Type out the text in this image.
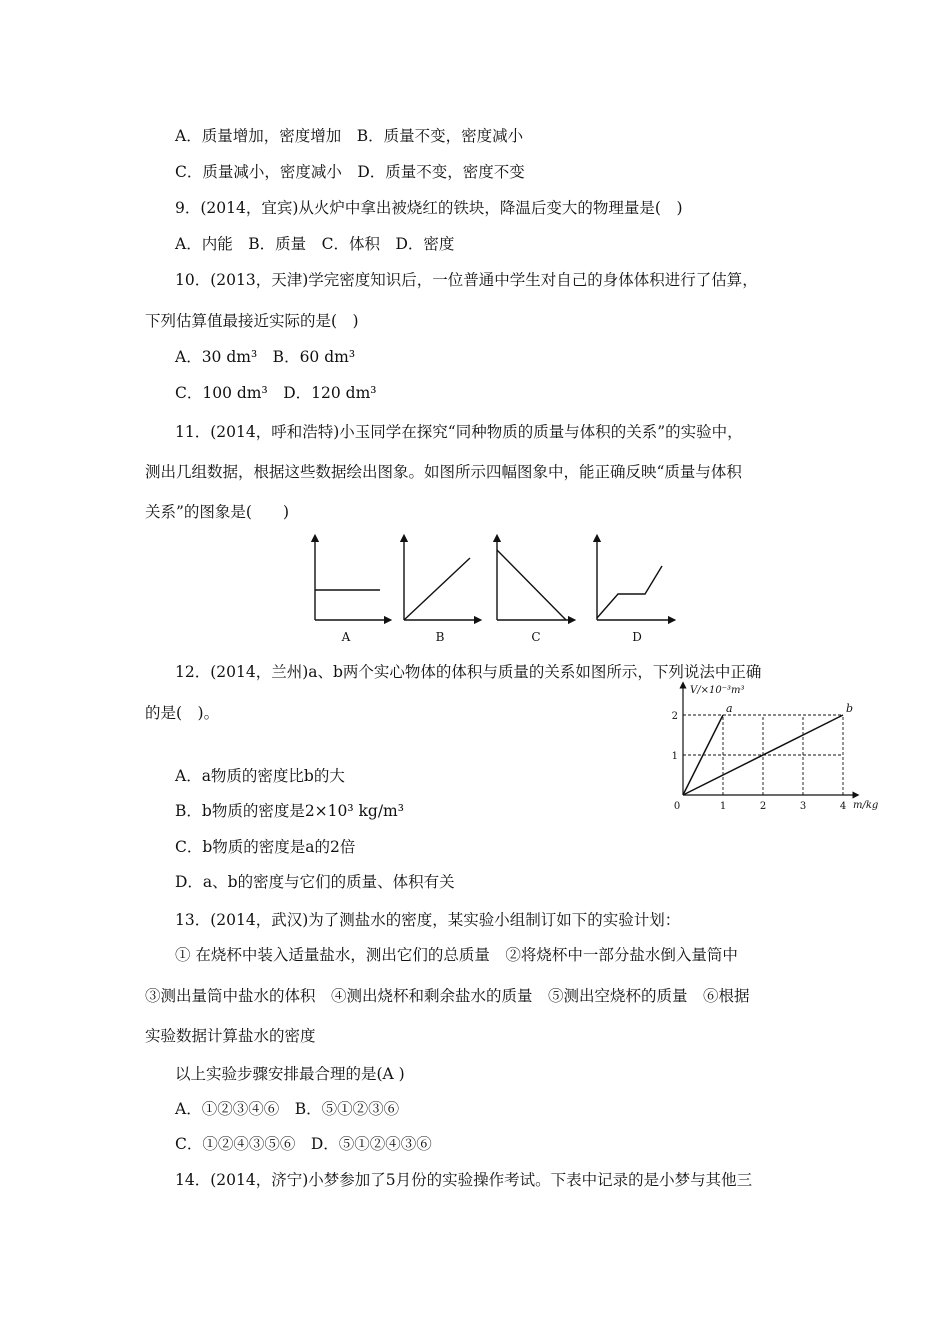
A．质量增加，密度增加　B．质量不变，密度减小
C．质量减小，密度减小　D．质量不变，密度不变
9．(2014，宜宾)从火炉中拿出被烧红的铁块，降温后变大的物理量是(　)
A．内能　B．质量　C．体积　D．密度
10．(2013，天津)学完密度知识后，一位普通中学生对自己的身体体积进行了估算，
下列估算值最接近实际的是(　)
A．30 dm³　B．60 dm³
C．100 dm³　D．120 dm³
11．(2014，呼和浩特)小玉同学在探究“同种物质的质量与体积的关系”的实验中，
测出几组数据，根据这些数据绘出图象。如图所示四幅图象中，能正确反映“质量与体积
关系”的图象是(　　)
A	B	C	D
12．(2014，兰州)a、b两个实心物体的体积与质量的关系如图所示，下列说法中正确
的是(　)。	a	b
0	1	2	3	4
1
2
V/×10⁻³m³
m/kg
A．a物质的密度比b的大
B．b物质的密度是2×10³ kg/m³
C．b物质的密度是a的2倍
D．a、b的密度与它们的质量、体积有关
13．(2014，武汉)为了测盐水的密度，某实验小组制订如下的实验计划：
① 在烧杯中装入适量盐水，测出它们的总质量　②将烧杯中一部分盐水倒入量筒中
③测出量筒中盐水的体积　④测出烧杯和剩余盐水的质量　⑤测出空烧杯的质量　⑥根据
实验数据计算盐水的密度
以上实验步骤安排最合理的是(A )
A．①②③④⑥　B．⑤①②③⑥
C．①②④③⑤⑥　D．⑤①②④③⑥
14．(2014，济宁)小梦参加了5月份的实验操作考试。下表中记录的是小梦与其他三
